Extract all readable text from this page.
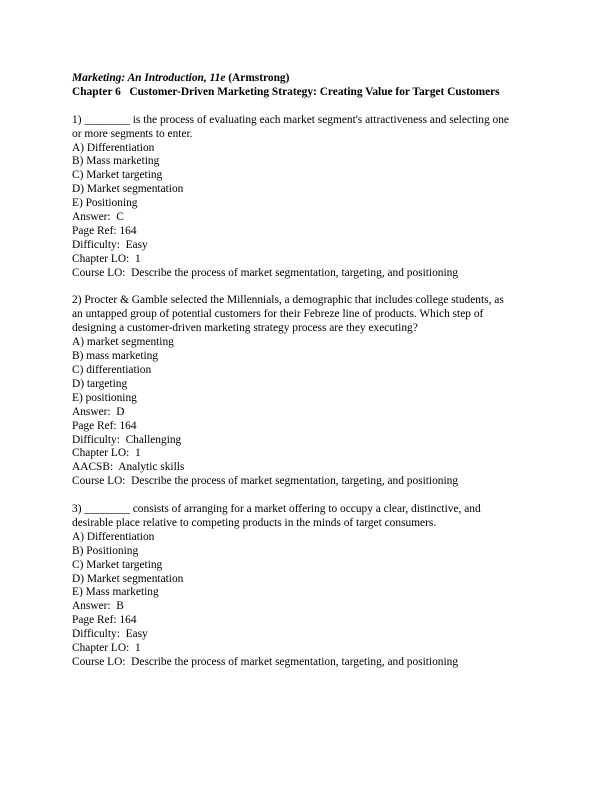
Marketing: An Introduction, 11e (Armstrong)
Chapter 6   Customer-Driven Marketing Strategy: Creating Value for Target Customers
1) ________ is the process of evaluating each market segment's attractiveness and selecting one
or more segments to enter.
A) Differentiation
B) Mass marketing
C) Market targeting
D) Market segmentation
E) Positioning
Answer:  C
Page Ref: 164
Difficulty:  Easy
Chapter LO:  1
Course LO:  Describe the process of market segmentation, targeting, and positioning
2) Procter & Gamble selected the Millennials, a demographic that includes college students, as
an untapped group of potential customers for their Febreze line of products. Which step of
designing a customer-driven marketing strategy process are they executing?
A) market segmenting
B) mass marketing
C) differentiation
D) targeting
E) positioning
Answer:  D
Page Ref: 164
Difficulty:  Challenging
Chapter LO:  1
AACSB:  Analytic skills
Course LO:  Describe the process of market segmentation, targeting, and positioning
3) ________ consists of arranging for a market offering to occupy a clear, distinctive, and
desirable place relative to competing products in the minds of target consumers.
A) Differentiation
B) Positioning
C) Market targeting
D) Market segmentation
E) Mass marketing
Answer:  B
Page Ref: 164
Difficulty:  Easy
Chapter LO:  1
Course LO:  Describe the process of market segmentation, targeting, and positioning
